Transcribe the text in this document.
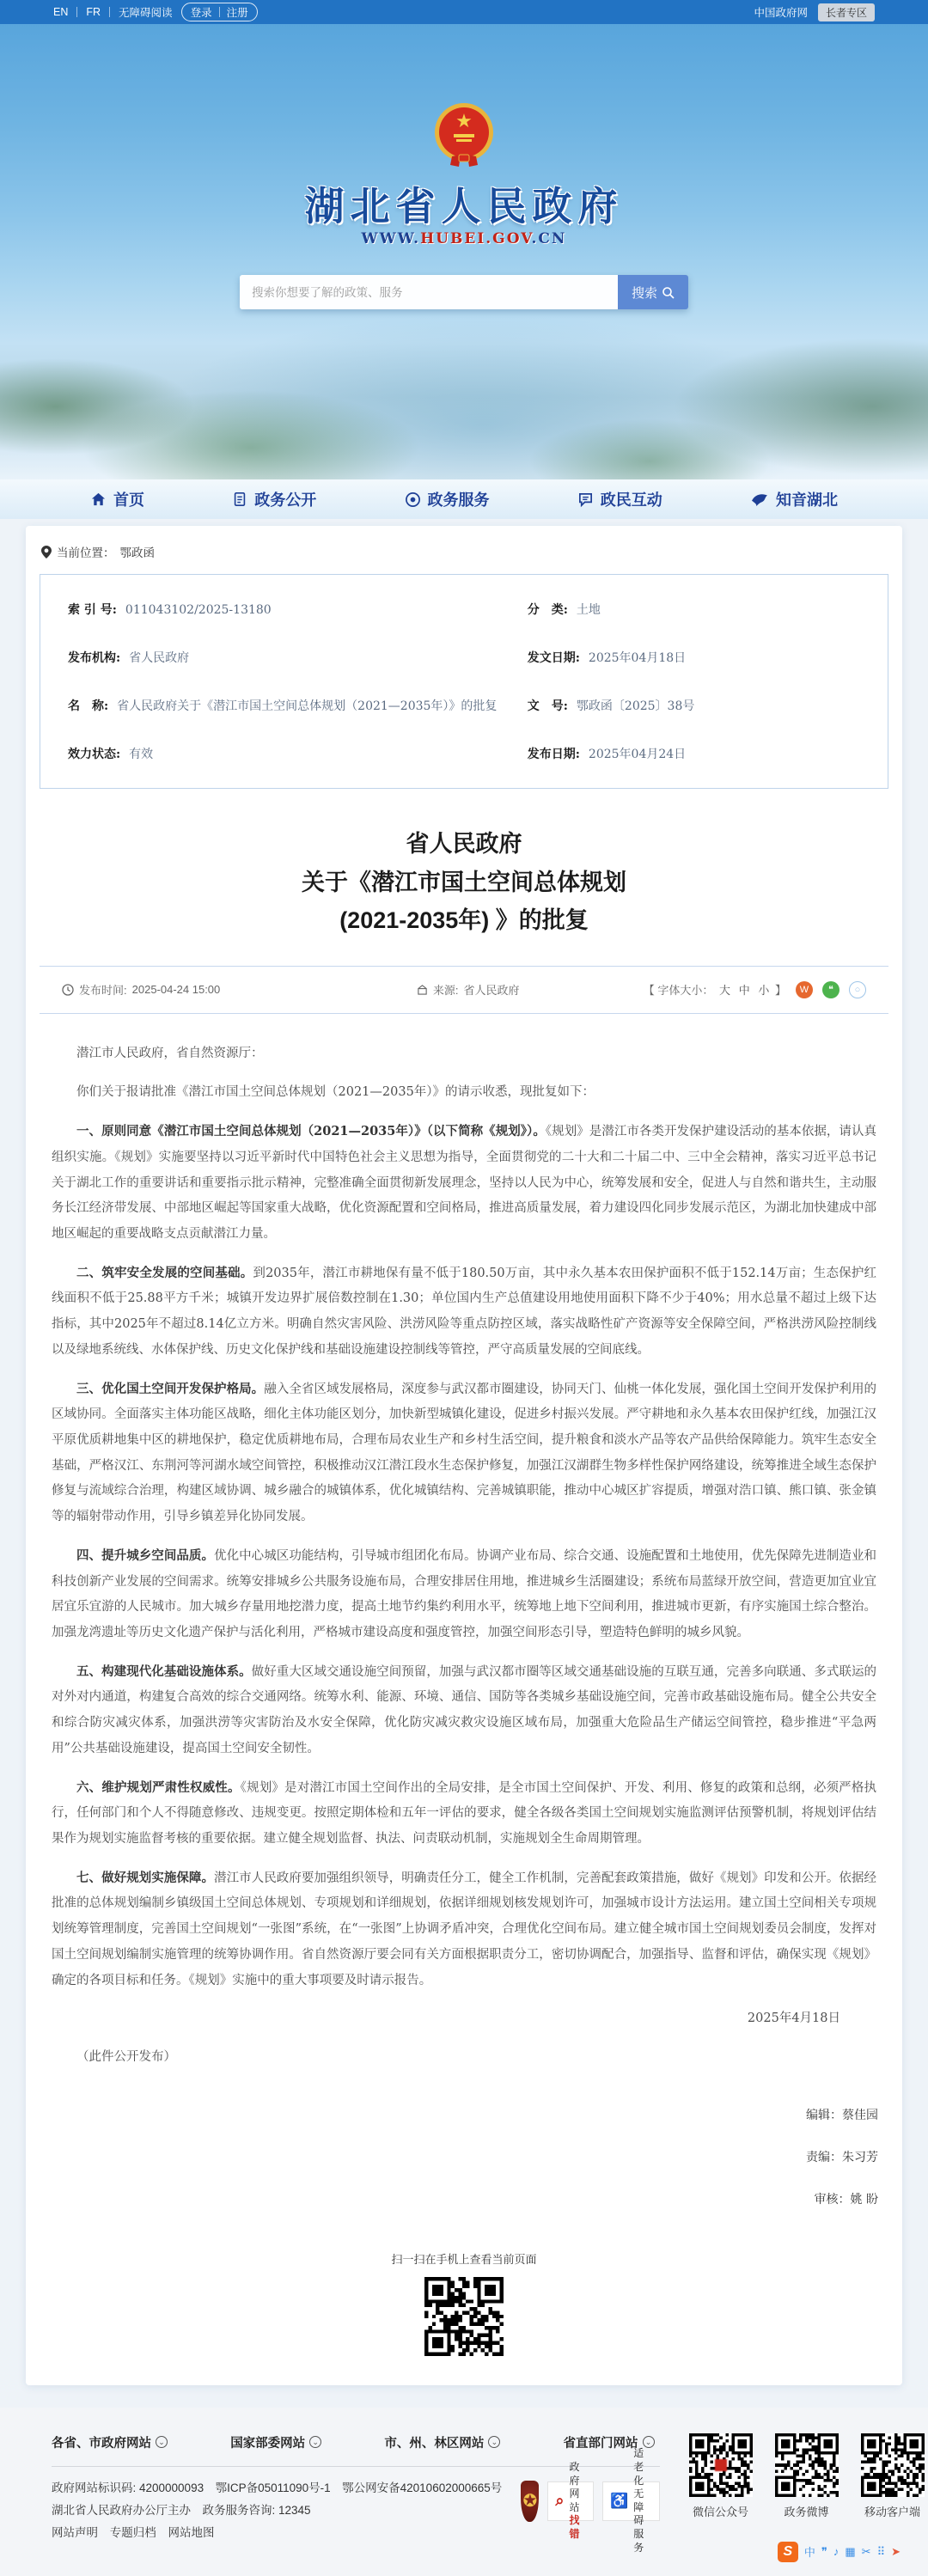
EN FR 无障碍阅读 登录 注册	中国政府网	长者专区
★
湖北省人民政府
WWW.HUBEI.GOV.CN
搜索你想要了解的政策、服务
搜索
首页	政务公开	政务服务	政民互动	知音湖北
当前位置： 鄂政函
索 引 号: 011043102/2025-13180	分　类: 土地
发布机构: 省人民政府	发文日期: 2025年04月18日
名　称: 省人民政府关于《潜江市国土空间总体规划（2021—2035年）》的批复	文　号: 鄂政函〔2025〕38号
效力状态: 有效	发布日期: 2025年04月24日
省人民政府
关于《潜江市国土空间总体规划
(2021-2035年) 》的批复
发布时间: 2025-04-24 15:00	来源: 省人民政府	【 字体大小： 大 中 小 】	W	❝	○

潜江市人民政府，省自然资源厅：

你们关于报请批准《潜江市国土空间总体规划（2021—2035年）》的请示收悉，现批复如下：

一、原则同意《潜江市国土空间总体规划（2021—2035年）》（以下简称《规划》）。《规划》是潜江市各类开发保护建设活动的基本依据，请认真组织实施。《规划》实施要坚持以习近平新时代中国特色社会主义思想为指导，全面贯彻党的二十大和二十届二中、三中全会精神，落实习近平总书记关于湖北工作的重要讲话和重要指示批示精神，完整准确全面贯彻新发展理念，坚持以人民为中心，统筹发展和安全，促进人与自然和谐共生，主动服务长江经济带发展、中部地区崛起等国家重大战略，优化资源配置和空间格局，推进高质量发展，着力建设四化同步发展示范区，为湖北加快建成中部地区崛起的重要战略支点贡献潜江力量。

二、筑牢安全发展的空间基础。到2035年，潜江市耕地保有量不低于180.50万亩，其中永久基本农田保护面积不低于152.14万亩；生态保护红线面积不低于25.88平方千米；城镇开发边界扩展倍数控制在1.30；单位国内生产总值建设用地使用面积下降不少于40%；用水总量不超过上级下达指标，其中2025年不超过8.14亿立方米。明确自然灾害风险、洪涝风险等重点防控区域，落实战略性矿产资源等安全保障空间，严格洪涝风险控制线以及绿地系统线、水体保护线、历史文化保护线和基础设施建设控制线等管控，严守高质量发展的空间底线。

三、优化国土空间开发保护格局。融入全省区域发展格局，深度参与武汉都市圈建设，协同天门、仙桃一体化发展，强化国土空间开发保护利用的区域协同。全面落实主体功能区战略，细化主体功能区划分，加快新型城镇化建设，促进乡村振兴发展。严守耕地和永久基本农田保护红线，加强江汉平原优质耕地集中区的耕地保护，稳定优质耕地布局，合理布局农业生产和乡村生活空间，提升粮食和淡水产品等农产品供给保障能力。筑牢生态安全基础，严格汉江、东荆河等河湖水域空间管控，积极推动汉江潜江段水生态保护修复，加强江汉湖群生物多样性保护网络建设，统筹推进全域生态保护修复与流域综合治理，构建区域协调、城乡融合的城镇体系，优化城镇结构、完善城镇职能，推动中心城区扩容提质，增强对浩口镇、熊口镇、张金镇等的辐射带动作用，引导乡镇差异化协同发展。

四、提升城乡空间品质。优化中心城区功能结构，引导城市组团化布局。协调产业布局、综合交通、设施配置和土地使用，优先保障先进制造业和科技创新产业发展的空间需求。统筹安排城乡公共服务设施布局，合理安排居住用地，推进城乡生活圈建设；系统布局蓝绿开放空间，营造更加宜业宜居宜乐宜游的人民城市。加大城乡存量用地挖潜力度，提高土地节约集约利用水平，统筹地上地下空间利用，推进城市更新，有序实施国土综合整治。加强龙湾遗址等历史文化遗产保护与活化利用，严格城市建设高度和强度管控，加强空间形态引导，塑造特色鲜明的城乡风貌。

五、构建现代化基础设施体系。做好重大区域交通设施空间预留，加强与武汉都市圈等区域交通基础设施的互联互通，完善多向联通、多式联运的对外对内通道，构建复合高效的综合交通网络。统筹水利、能源、环境、通信、国防等各类城乡基础设施空间，完善市政基础设施布局。健全公共安全和综合防灾减灾体系，加强洪涝等灾害防治及水安全保障，优化防灾减灾救灾设施区域布局，加强重大危险品生产储运空间管控，稳步推进“平急两用”公共基础设施建设，提高国土空间安全韧性。

六、维护规划严肃性权威性。《规划》是对潜江市国土空间作出的全局安排，是全市国土空间保护、开发、利用、修复的政策和总纲，必须严格执行，任何部门和个人不得随意修改、违规变更。按照定期体检和五年一评估的要求，健全各级各类国土空间规划实施监测评估预警机制，将规划评估结果作为规划实施监督考核的重要依据。建立健全规划监督、执法、问责联动机制，实施规划全生命周期管理。

七、做好规划实施保障。潜江市人民政府要加强组织领导，明确责任分工，健全工作机制，完善配套政策措施，做好《规划》印发和公开。依据经批准的总体规划编制乡镇级国土空间总体规划、专项规划和详细规划，依据详细规划核发规划许可，加强城市设计方法运用。建立国土空间相关专项规划统筹管理制度，完善国土空间规划“一张图”系统，在“一张图”上协调矛盾冲突，合理优化空间布局。建立健全城市国土空间规划委员会制度，发挥对国土空间规划编制实施管理的统筹协调作用。省自然资源厅要会同有关方面根据职责分工，密切协调配合，加强指导、监督和评估，确保实现《规划》确定的各项目标和任务。《规划》实施中的重大事项要及时请示报告。

2025年4月18日

（此件公开发布）

编辑：蔡佳园
责编：朱习芳
审核：姚 盼
扫一扫在手机上查看当前页面
各省、市政府网站 ⌄	国家部委网站 ⌄	市、州、林区网站 ⌄	省直部门网站 ⌄
政府网站标识码: 4200000093　鄂ICP备05011090号-1　鄂公网安备42010602000665号
湖北省人民政府办公厅主办　政务服务咨询: 12345
网站声明 专题归档 网站地图
✪ ⌕
政府网站
找错
♿
适老化
无障碍服务
微信公众号	政务微博	移动客户端
S	中 ❞ ♪ ▦ ✂ ⠿ ➤
